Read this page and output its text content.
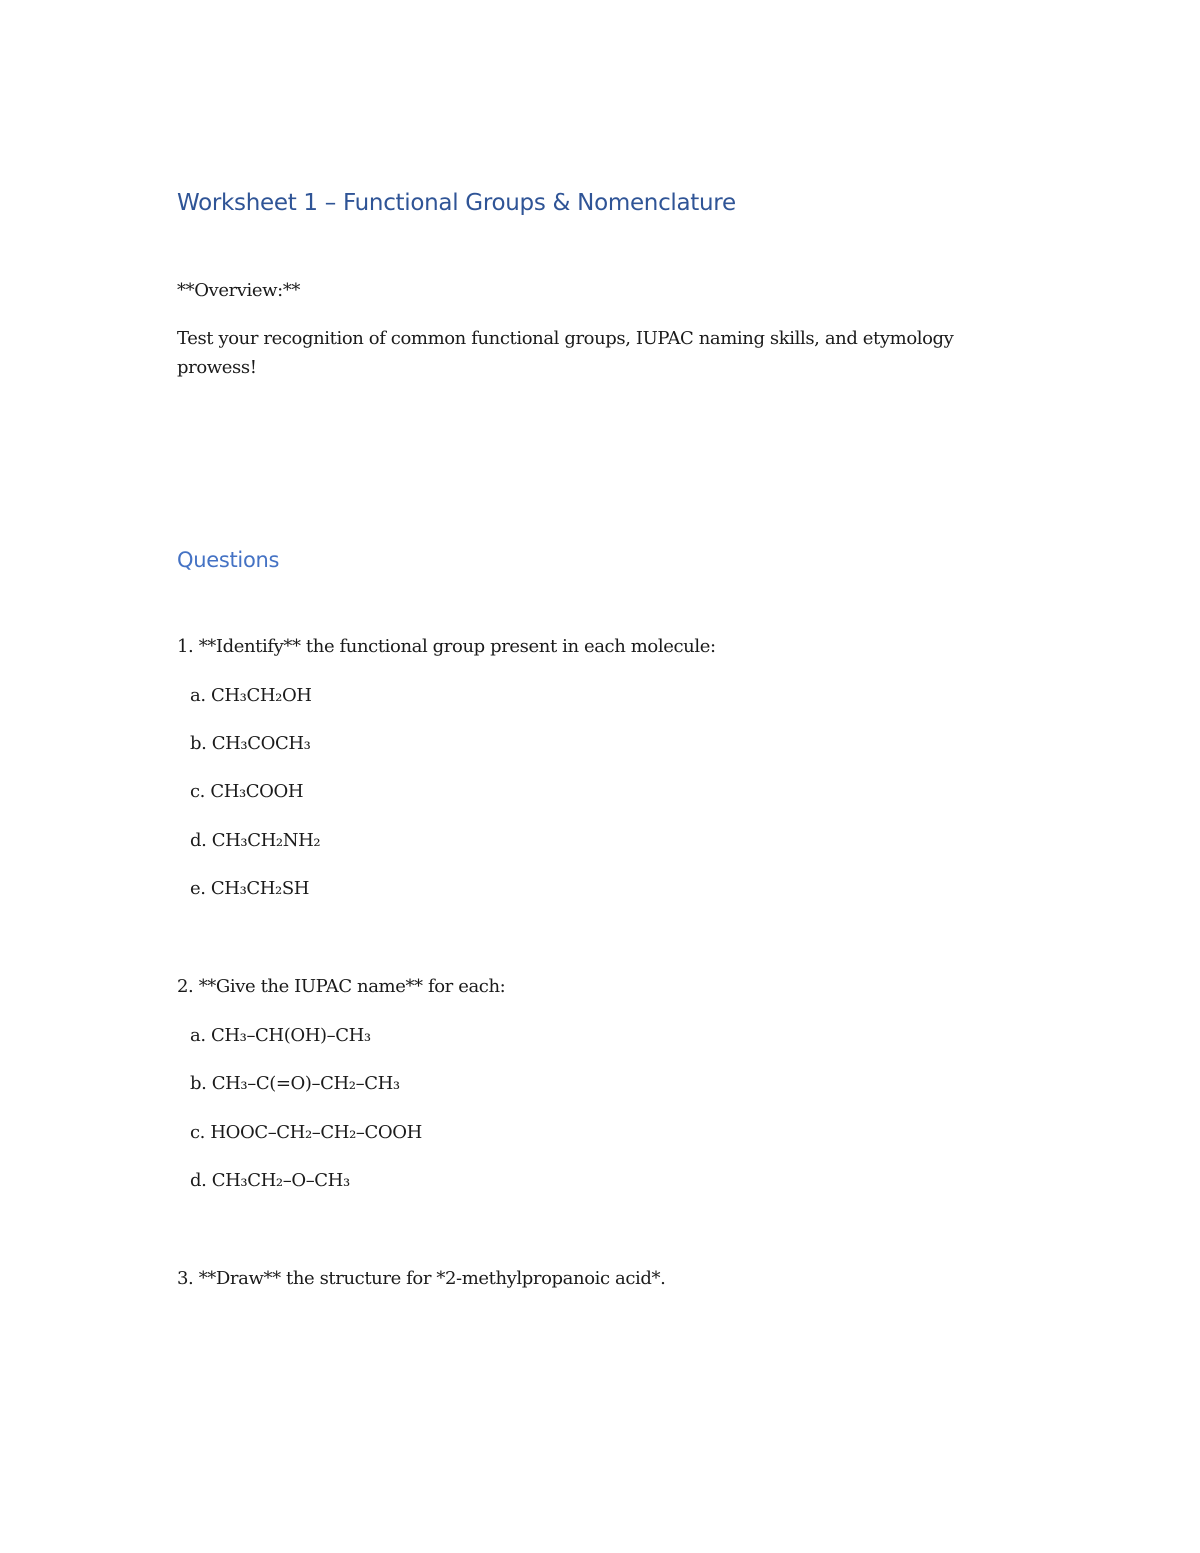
Worksheet 1 – Functional Groups & Nomenclature

**Overview:**

Test your recognition of common functional groups, IUPAC naming skills, and etymology prowess!

Questions

1. **Identify** the functional group present in each molecule:

a. CH₃CH₂OH

b. CH₃COCH₃

c. CH₃COOH

d. CH₃CH₂NH₂

e. CH₃CH₂SH

2. **Give the IUPAC name** for each:

a. CH₃–CH(OH)–CH₃

b. CH₃–C(=O)–CH₂–CH₃

c. HOOC–CH₂–CH₂–COOH

d. CH₃CH₂–O–CH₃

3. **Draw** the structure for *2-methylpropanoic acid*.
